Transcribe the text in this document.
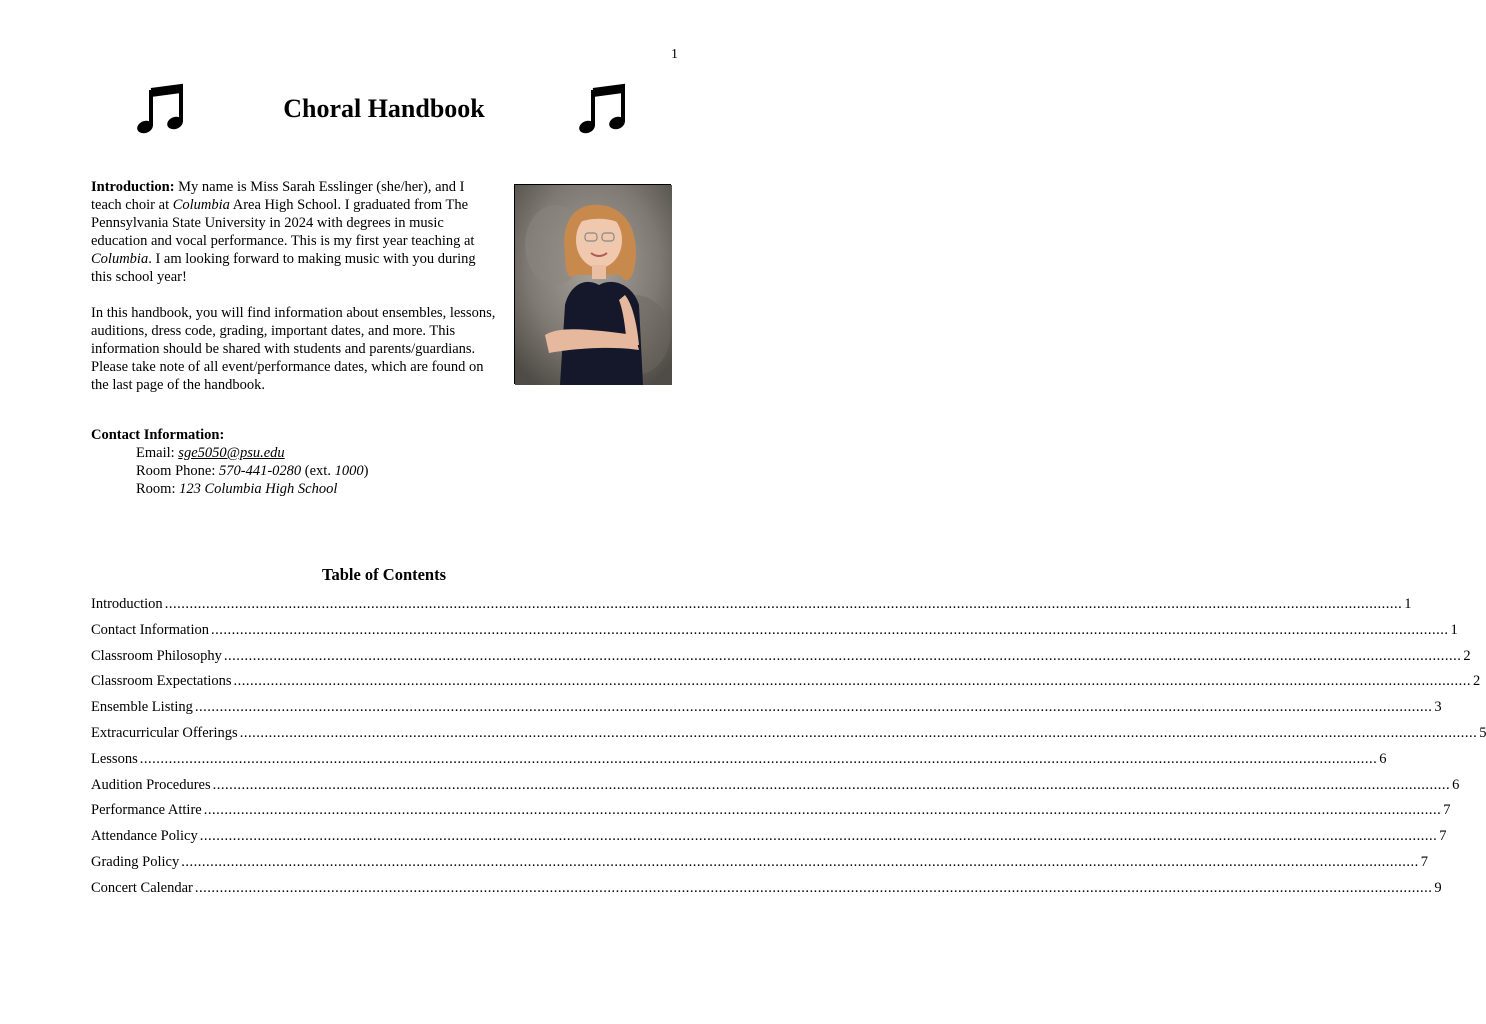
1
Choral Handbook

Introduction: My name is Miss Sarah Esslinger (she/her), and I teach choir at Columbia Area High School. I graduated from The Pennsylvania State University in 2024 with degrees in music education and vocal performance. This is my first year teaching at Columbia. I am looking forward to making music with you during this school year!

In this handbook, you will find information about ensembles, lessons, auditions, dress code, grading, important dates, and more. This information should be shared with students and parents/guardians. Please take note of all event/performance dates, which are found on the last page of the handbook.

Contact Information:
Email: sge5050@psu.edu
Room Phone: 570-441-0280 (ext. 1000)
Room: 123 Columbia High School
Table of Contents
Introduction ............................................................................................................................................................................................................................................................................................................ 1
Contact Information ............................................................................................................................................................................................................................................................................................................ 1
Classroom Philosophy ............................................................................................................................................................................................................................................................................................................ 2
Classroom Expectations ............................................................................................................................................................................................................................................................................................................ 2
Ensemble Listing ............................................................................................................................................................................................................................................................................................................ 3
Extracurricular Offerings ............................................................................................................................................................................................................................................................................................................ 5
Lessons ............................................................................................................................................................................................................................................................................................................ 6
Audition Procedures ............................................................................................................................................................................................................................................................................................................ 6
Performance Attire ............................................................................................................................................................................................................................................................................................................ 7
Attendance Policy ............................................................................................................................................................................................................................................................................................................ 7
Grading Policy ............................................................................................................................................................................................................................................................................................................ 7
Concert Calendar ............................................................................................................................................................................................................................................................................................................ 9
